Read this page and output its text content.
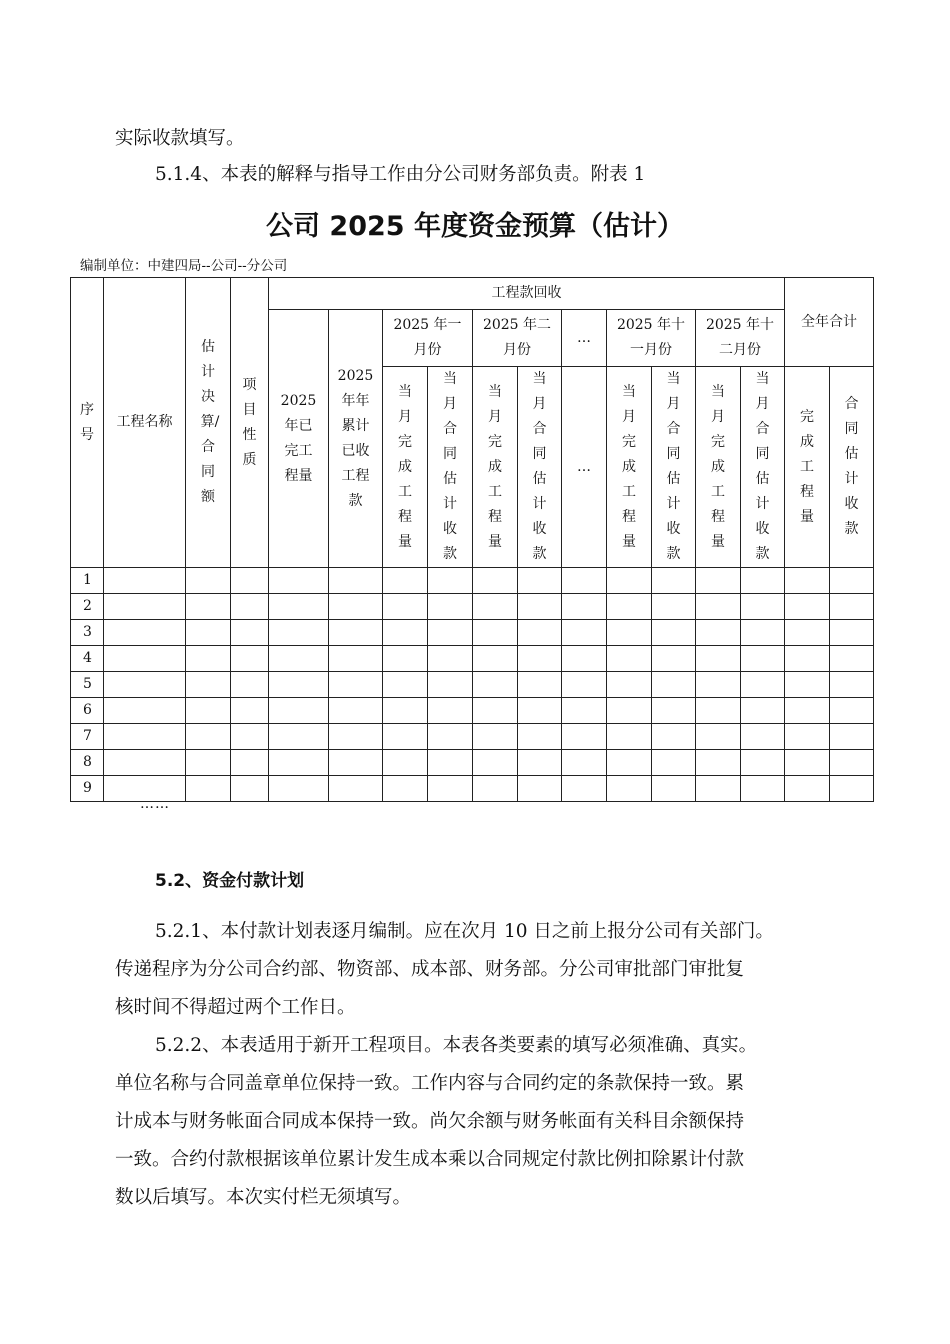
实际收款填写。

5.1.4、本表的解释与指导工作由分公司财务部负责。附表 1

公司 2025 年度资金预算（估计）
编制单位：中建四局--公司--分公司
序号	工程名称	估计决算/合同额	项目性质	工程款回收											全年合计	

				2025 年已完工程量	2025 年年累计已收工程款	2025 年一月份		2025 年二月份		…	2025 年十一月份		2025 年十二月份			

						当月完成工程量	当月合同估计收款	当月完成工程量	当月合同估计收款	…	当月完成工程量	当月合同估计收款	当月完成工程量	当月合同估计收款	完成工程量	合同估计收款

1																
2																
3																
4																
5																
6																
7																
8																
9																
……
5.2、资金付款计划

5.2.1、本付款计划表逐月编制。应在次月 10 日之前上报分公司有关部门。

传递程序为分公司合约部、物资部、成本部、财务部。分公司审批部门审批复

核时间不得超过两个工作日。

5.2.2、本表适用于新开工程项目。本表各类要素的填写必须准确、真实。

单位名称与合同盖章单位保持一致。工作内容与合同约定的条款保持一致。累

计成本与财务帐面合同成本保持一致。尚欠余额与财务帐面有关科目余额保持

一致。合约付款根据该单位累计发生成本乘以合同规定付款比例扣除累计付款

数以后填写。本次实付栏无须填写。
